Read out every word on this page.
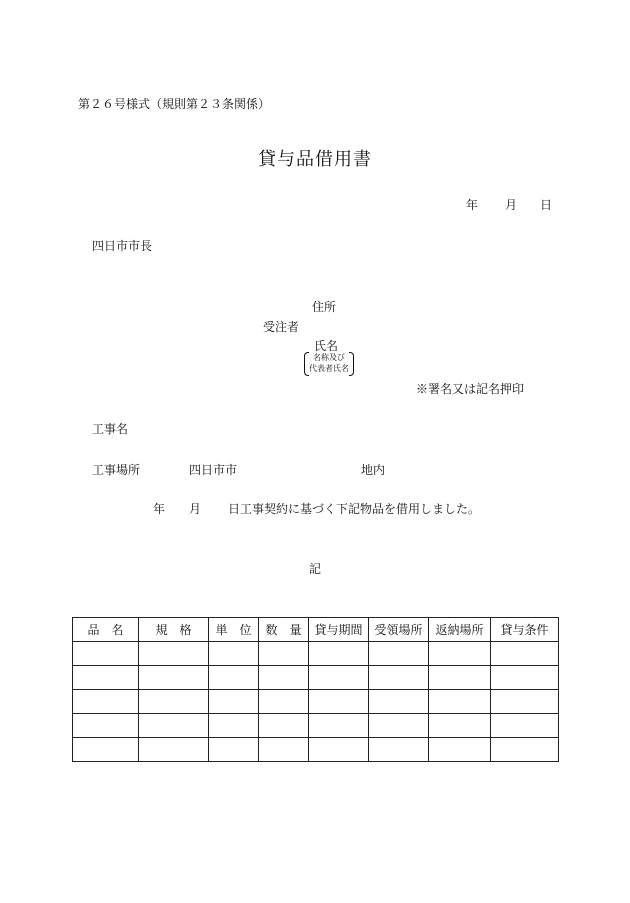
第２６号様式（規則第２３条関係）
貸与品借用書
年 月 日
四日市市長
住所
受注者
氏名
名称及び
代表者氏名
※署名又は記名押印
工事名
工事場所	四日市市	地内
年 月 日工事契約に基づく下記物品を借用しました。
記
品　名	規　格	単　位	数　量	貸与期間	受領場所	返納場所	貸与条件
